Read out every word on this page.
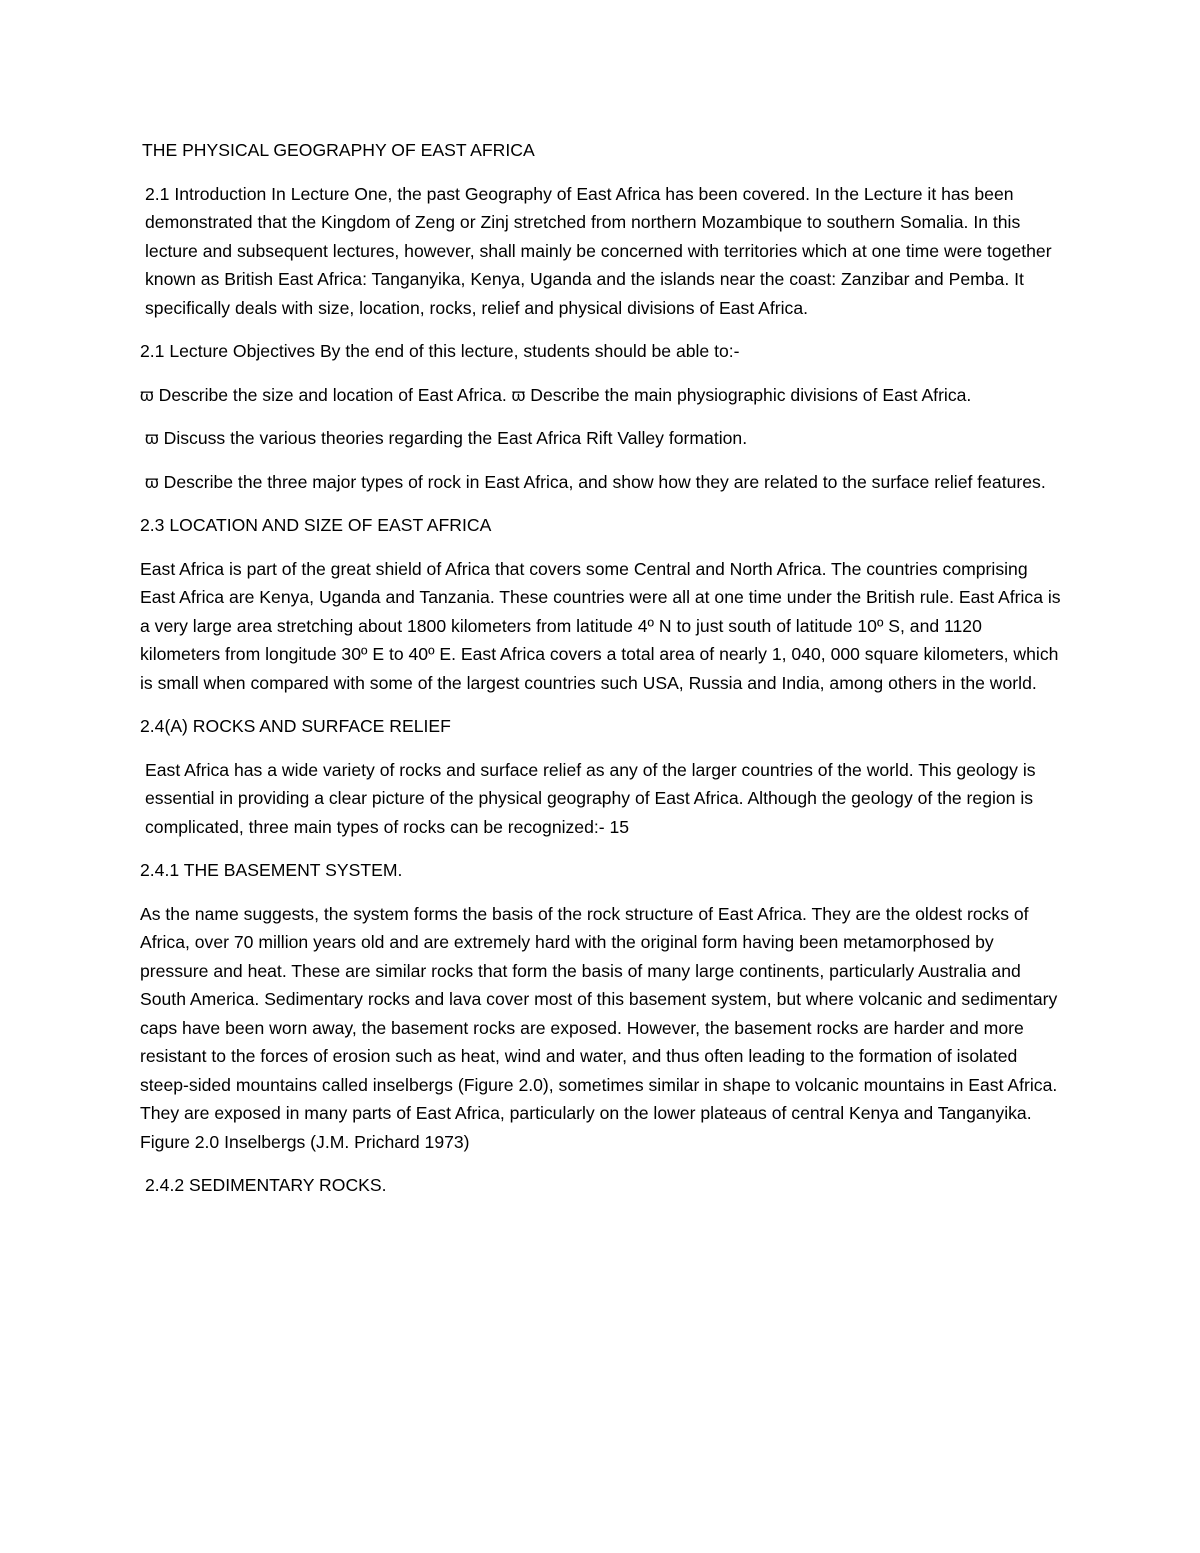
THE PHYSICAL GEOGRAPHY OF EAST AFRICA

2.1 Introduction In Lecture One, the past Geography of East Africa has been covered. In the Lecture it has been demonstrated that the Kingdom of Zeng or Zinj stretched from northern Mozambique to southern Somalia. In this lecture and subsequent lectures, however, shall mainly be concerned with territories which at one time were together known as British East Africa: Tanganyika, Kenya, Uganda and the islands near the coast: Zanzibar and Pemba. It specifically deals with size, location, rocks, relief and physical divisions of East Africa.

2.1 Lecture Objectives By the end of this lecture, students should be able to:-

ϖ Describe the size and location of East Africa. ϖ Describe the main physiographic divisions of East Africa.

ϖ Discuss the various theories regarding the East Africa Rift Valley formation.

ϖ Describe the three major types of rock in East Africa, and show how they are related to the surface relief features.

2.3 LOCATION AND SIZE OF EAST AFRICA

East Africa is part of the great shield of Africa that covers some Central and North Africa. The countries comprising East Africa are Kenya, Uganda and Tanzania. These countries were all at one time under the British rule. East Africa is a very large area stretching about 1800 kilometers from latitude 4º N to just south of latitude 10º S, and 1120 kilometers from longitude 30º E to 40º E. East Africa covers a total area of nearly 1, 040, 000 square kilometers, which is small when compared with some of the largest countries such USA, Russia and India, among others in the world.

2.4(A) ROCKS AND SURFACE RELIEF

East Africa has a wide variety of rocks and surface relief as any of the larger countries of the world. This geology is essential in providing a clear picture of the physical geography of East Africa. Although the geology of the region is complicated, three main types of rocks can be recognized:- 15

2.4.1 THE BASEMENT SYSTEM.

As the name suggests, the system forms the basis of the rock structure of East Africa. They are the oldest rocks of Africa, over 70 million years old and are extremely hard with the original form having been metamorphosed by pressure and heat. These are similar rocks that form the basis of many large continents, particularly Australia and South America. Sedimentary rocks and lava cover most of this basement system, but where volcanic and sedimentary caps have been worn away, the basement rocks are exposed. However, the basement rocks are harder and more resistant to the forces of erosion such as heat, wind and water, and thus often leading to the formation of isolated steep-sided mountains called inselbergs (Figure 2.0), sometimes similar in shape to volcanic mountains in East Africa. They are exposed in many parts of East Africa, particularly on the lower plateaus of central Kenya and Tanganyika. Figure 2.0 Inselbergs (J.M. Prichard 1973)

2.4.2 SEDIMENTARY ROCKS.
